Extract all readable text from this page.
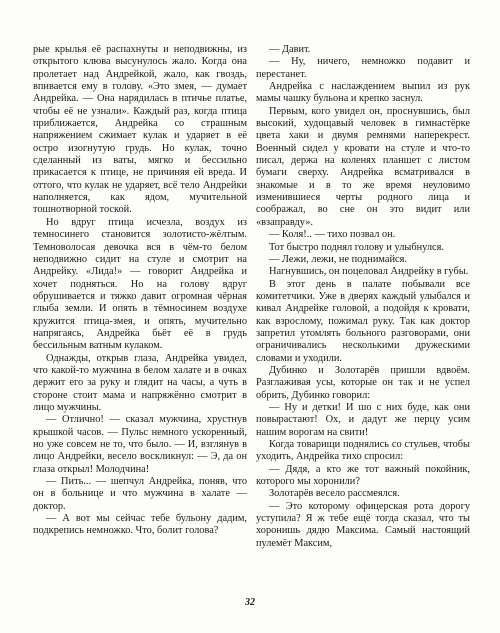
рые крылья её распахнуты и неподвижны, из открытого клюва высунулось жало. Когда она пролетает над Андрейкой, жало, как гвоздь, впивается ему в голову. «Это змея, — думает Андрейка. — Она нарядилась в птичье платье, чтобы её не узнали». Каждый раз, когда птица приближается, Андрейка со страшным напряжением сжимает кулак и ударяет в её остро изогнутую грудь. Но кулак, точно сделанный из ваты, мягко и бессильно прикасается к птице, не причиняя ей вреда. И оттого, что кулак не ударяет, всё тело Андрейки наполняется, как ядом, мучительной тошнотворной тоской.

Но вдруг птица исчезла, воздух из темносинего становится золотисто-жёлтым. Темноволосая девочка вся в чём-то белом неподвижно сидит на стуле и смотрит на Андрейку. «Лида!» — говорит Андрейка и хочет подняться. Но на голову вдруг обрушивается и тяжко давит огромная чёрная глыба земли. И опять в тёмносинем воздухе кружится птица-змея, и опять, мучительно напрягаясь, Андрейка бьёт её в грудь бессильным ватным кулаком.

Однажды, открыв глаза, Андрейка увидел, что какой-то мужчина в белом халате и в очках держит его за руку и глядит на часы, а чуть в стороне стоит мама и напряжённо смотрит в лицо мужчины.

— Отлично! — сказал мужчина, хрустнув крышкой часов. — Пульс немного ускоренный, но уже совсем не то, что было. — И, взглянув в лицо Андрейки, весело воскликнул: — Э, да он глаза открыл! Молодчина!

— Пить... — шепчул Андрейка, поняв, что он в больнице и что мужчина в халате — доктор.

— А вот мы сейчас тебе бульону дадим, подкрепись немножко. Что, болит голова?

— Давит.

— Ну, ничего, немножко подавит и перестанет.

Андрейка с наслаждением выпил из рук мамы чашку бульона и крепко заснул.

Первым, кого увидел он, проснувшись, был высокий, худощавый человек в гимнастёрке цвета хаки и двумя ремнями наперекрест. Военный сидел у кровати на стуле и что-то писал, держа на коленях планшет с листом бумаги сверху. Андрейка всматривался в знакомые и в то же время неуловимо изменившиеся черты родного лица и соображал, во сне он это видит или «взаправду».

— Коля!.. — тихо позвал он.

Тот быстро поднял голову и улыбнулся.

— Лежи, лежи, не поднимайся.

Нагнувшись, он поцеловал Андрейку в губы.

В этот день в палате побывали все комитетчики. Уже в дверях каждый улыбался и кивал Андрейке головой, а подойдя к кровати, как взрослому, пожимал руку. Так как доктор запретил утомлять больного разговорами, они ограничивались несколькими дружескими словами и уходили.

Дубинко и Золотарёв пришли вдвоём. Разглаживая усы, которые он так и не успел обрить, Дубинко говорил:

— Ну и детки! И шо с них буде, как они повырастают! Ох, и дадут же перцу усим нашим ворогам на свити!

Когда товарищи поднялись со стульев, чтобы уходить, Андрейка тихо спросил:

— Дядя, а кто же тот важный покойник, которого мы хоронили?

Золотарёв весело рассмеялся.

— Это которому офицерская рота дорогу уступила? Я ж тебе ещё тогда сказал, что ты хоронишь дядю Максима. Самый настоящий пулемёт Максим,

32
